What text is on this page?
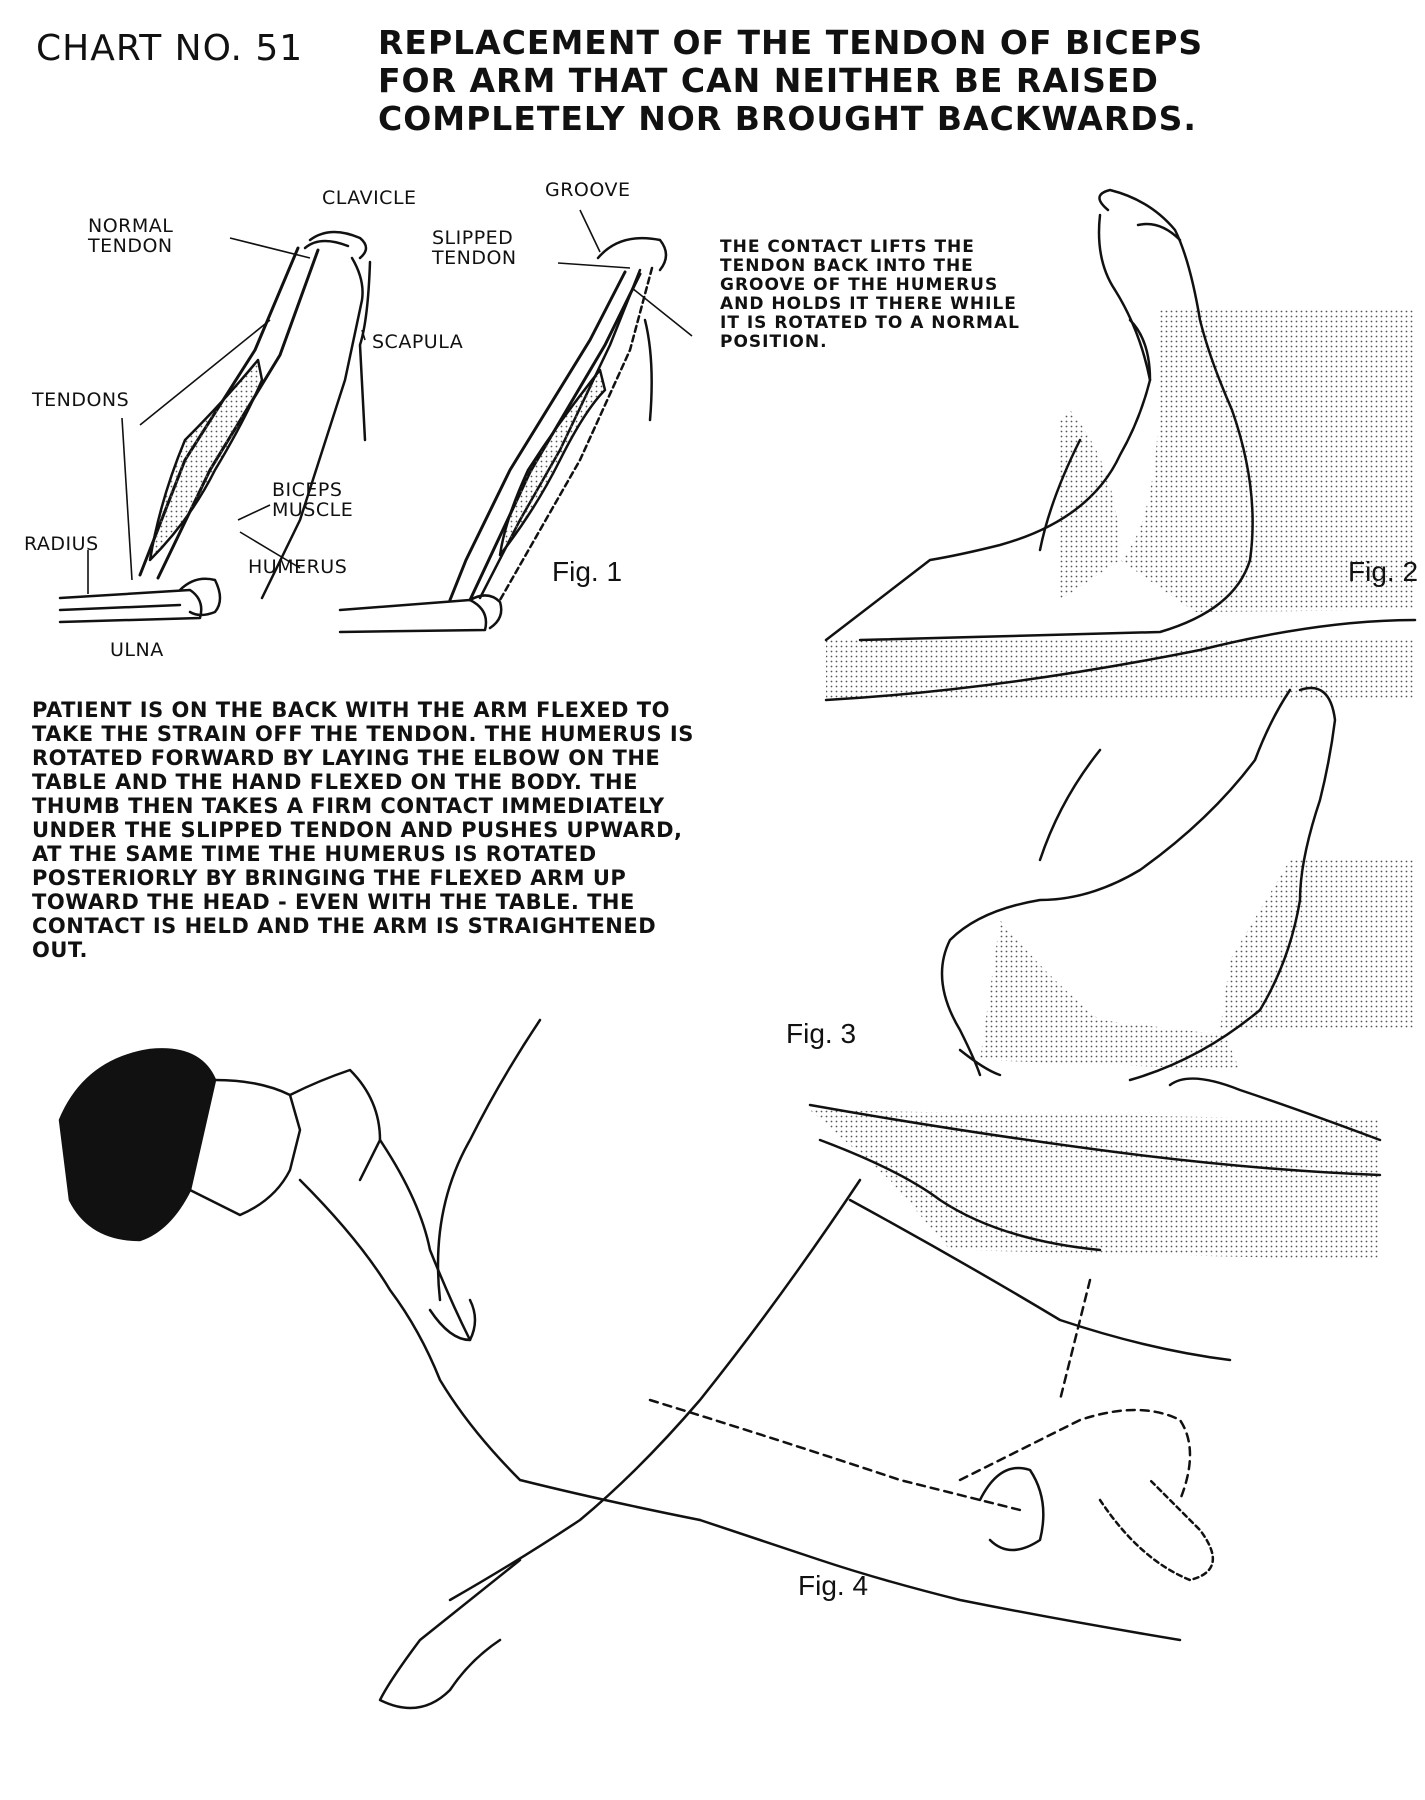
CHART NO. 51 REPLACEMENT OF THE TENDON OF BICEPS
FOR ARM THAT CAN NEITHER BE RAISED
COMPLETELY NOR BROUGHT BACKWARDS.
NORMAL
TENDON
CLAVICLE
SCAPULA
TENDONS
BICEPS
MUSCLE
RADIUS
HUMERUS
ULNA
GROOVE
SLIPPED
TENDON
Fig. 1
THE CONTACT LIFTS THE
TENDON BACK INTO THE
GROOVE OF THE HUMERUS
AND HOLDS IT THERE WHILE
IT IS ROTATED TO A NORMAL
POSITION.
Fig. 2
PATIENT IS ON THE BACK WITH THE ARM FLEXED TO
TAKE THE STRAIN OFF THE TENDON. THE HUMERUS IS
ROTATED FORWARD BY LAYING THE ELBOW ON THE
TABLE AND THE HAND FLEXED ON THE BODY. THE
THUMB THEN TAKES A FIRM CONTACT IMMEDIATELY
UNDER THE SLIPPED TENDON AND PUSHES UPWARD,
AT THE SAME TIME THE HUMERUS IS ROTATED
POSTERIORLY BY BRINGING THE FLEXED ARM UP
TOWARD THE HEAD - EVEN WITH THE TABLE. THE
CONTACT IS HELD AND THE ARM IS STRAIGHTENED
OUT.
Fig. 3
Fig. 4
